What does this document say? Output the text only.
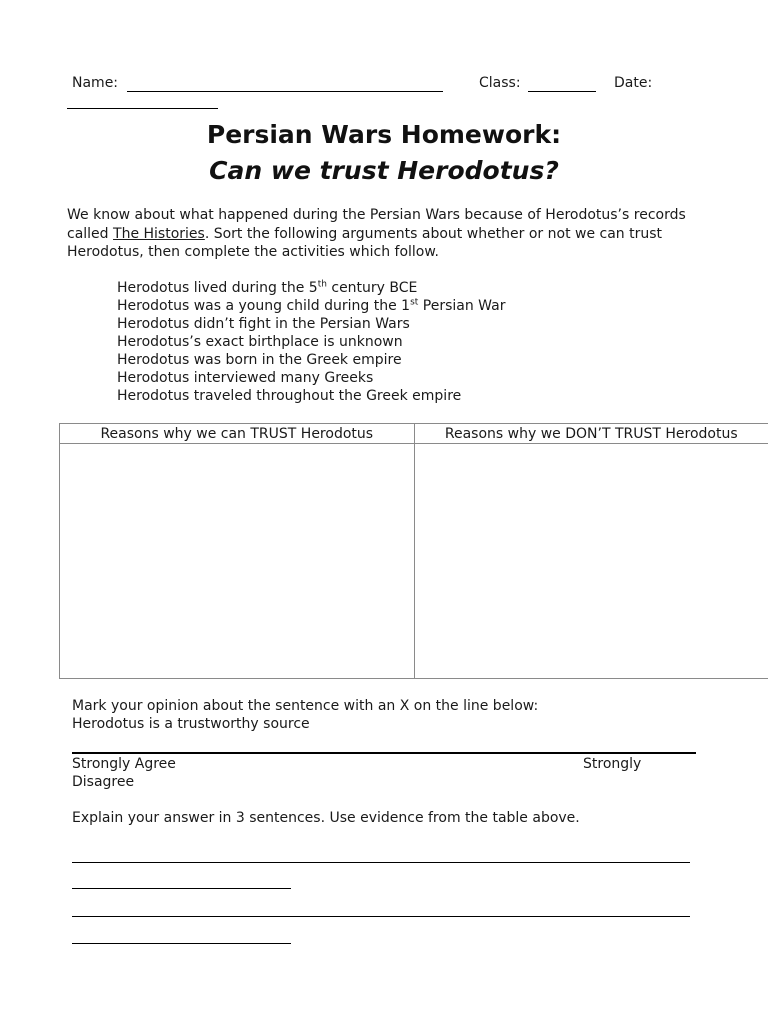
Name:	Class:	Date:
Persian Wars Homework:
Can we trust Herodotus?
We know about what happened during the Persian Wars because of Herodotus’s records called The Histories. Sort the following arguments about whether or not we can trust Herodotus, then complete the activities which follow.
Herodotus lived during the 5th century BCE
Herodotus was a young child during the 1st Persian War
Herodotus didn’t fight in the Persian Wars
Herodotus’s exact birthplace is unknown
Herodotus was born in the Greek empire
Herodotus interviewed many Greeks
Herodotus traveled throughout the Greek empire
Reasons why we can TRUST Herodotus	Reasons why we DON’T TRUST Herodotus

Mark your opinion about the sentence with an X on the line below:
Herodotus is a trustworthy source
Strongly Agree	Strongly
Disagree
Explain your answer in 3 sentences. Use evidence from the table above.
